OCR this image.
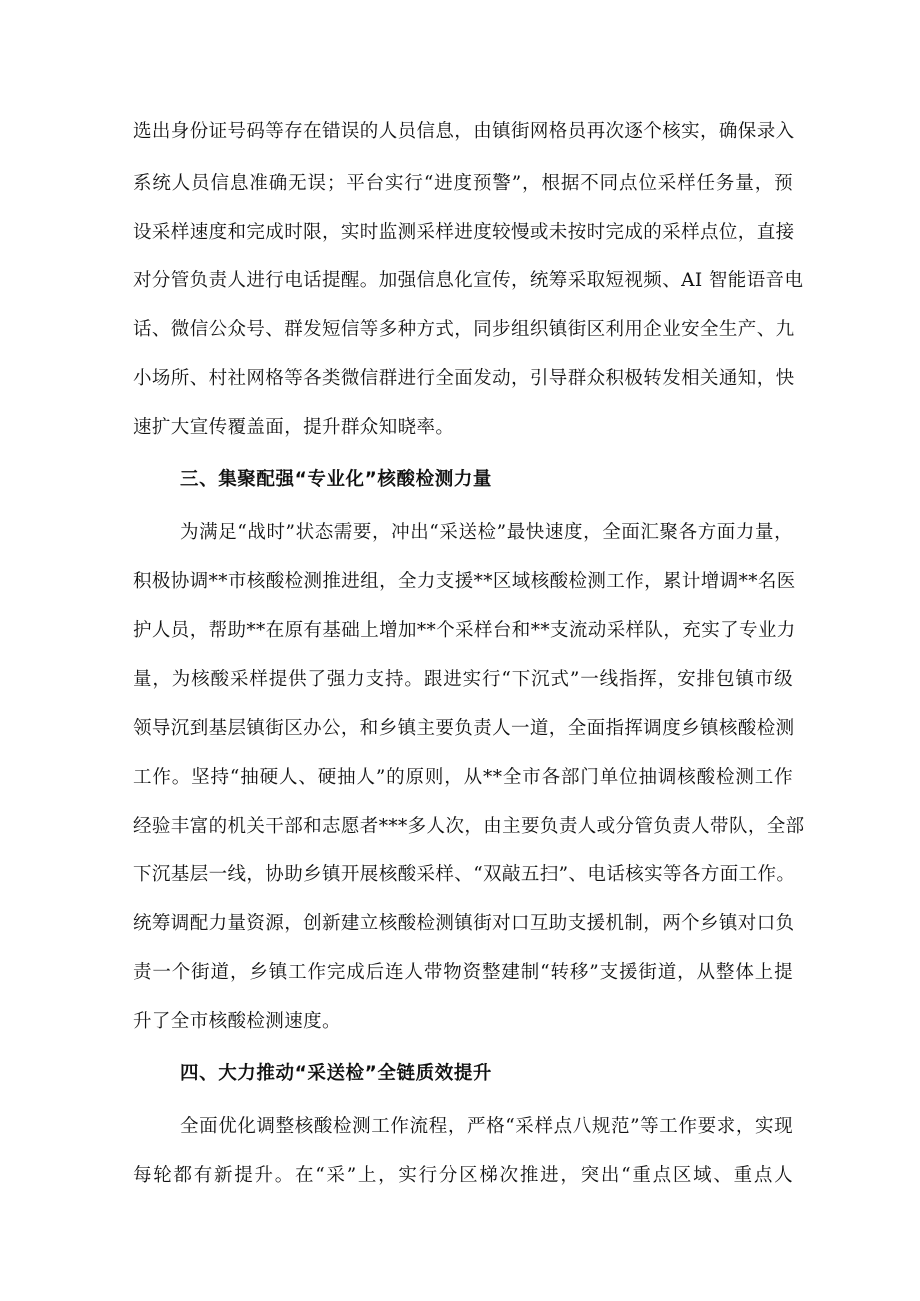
选出身份证号码等存在错误的人员信息，由镇街网格员再次逐个核实，确保录入
系统人员信息准确无误；平台实行“进度预警”，根据不同点位采样任务量，预
设采样速度和完成时限，实时监测采样进度较慢或未按时完成的采样点位，直接
对分管负责人进行电话提醒。加强信息化宣传，统筹采取短视频、AI 智能语音电
话、微信公众号、群发短信等多种方式，同步组织镇街区利用企业安全生产、九
小场所、村社网格等各类微信群进行全面发动，引导群众积极转发相关通知，快
速扩大宣传覆盖面，提升群众知晓率。
三、集聚配强“专业化”核酸检测力量
为满足“战时”状态需要，冲出“采送检”最快速度，全面汇聚各方面力量，
积极协调**市核酸检测推进组，全力支援**区域核酸检测工作，累计增调**名医
护人员，帮助**在原有基础上增加**个采样台和**支流动采样队，充实了专业力
量，为核酸采样提供了强力支持。跟进实行“下沉式”一线指挥，安排包镇市级
领导沉到基层镇街区办公，和乡镇主要负责人一道，全面指挥调度乡镇核酸检测
工作。坚持“抽硬人、硬抽人”的原则，从**全市各部门单位抽调核酸检测工作
经验丰富的机关干部和志愿者***多人次，由主要负责人或分管负责人带队，全部
下沉基层一线，协助乡镇开展核酸采样、“双敲五扫”、电话核实等各方面工作。
统筹调配力量资源，创新建立核酸检测镇街对口互助支援机制，两个乡镇对口负
责一个街道，乡镇工作完成后连人带物资整建制“转移”支援街道，从整体上提
升了全市核酸检测速度。
四、大力推动“采送检”全链质效提升
全面优化调整核酸检测工作流程，严格“采样点八规范”等工作要求，实现
每轮都有新提升。在“采”上，实行分区梯次推进，突出“重点区域、重点人
